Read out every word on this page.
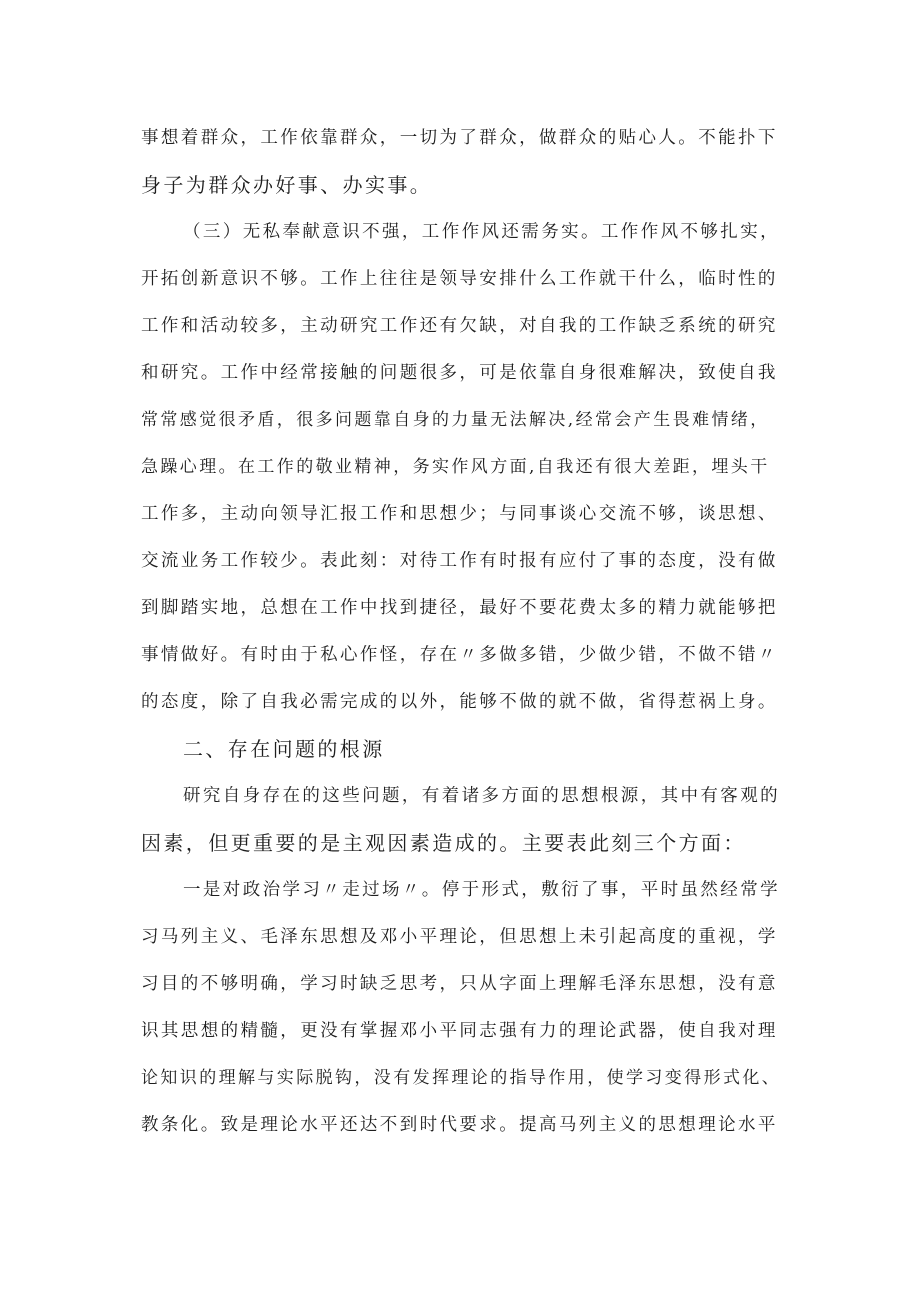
事想着群众，工作依靠群众，一切为了群众，做群众的贴心人。不能扑下
身子为群众办好事、办实事。
（三）无私奉献意识不强，工作作风还需务实。工作作风不够扎实，
开拓创新意识不够。工作上往往是领导安排什么工作就干什么，临时性的
工作和活动较多，主动研究工作还有欠缺，对自我的工作缺乏系统的研究
和研究。工作中经常接触的问题很多，可是依靠自身很难解决，致使自我
常常感觉很矛盾，很多问题靠自身的力量无法解决,经常会产生畏难情绪，
急躁心理。在工作的敬业精神，务实作风方面,自我还有很大差距，埋头干
工作多，主动向领导汇报工作和思想少；与同事谈心交流不够，谈思想、
交流业务工作较少。表此刻：对待工作有时报有应付了事的态度，没有做
到脚踏实地，总想在工作中找到捷径，最好不要花费太多的精力就能够把
事情做好。有时由于私心作怪，存在〃多做多错，少做少错，不做不错〃
的态度，除了自我必需完成的以外，能够不做的就不做，省得惹祸上身。
二、存在问题的根源
研究自身存在的这些问题，有着诸多方面的思想根源，其中有客观的
因素，但更重要的是主观因素造成的。主要表此刻三个方面：
一是对政治学习〃走过场〃。停于形式，敷衍了事，平时虽然经常学
习马列主义、毛泽东思想及邓小平理论，但思想上未引起高度的重视，学
习目的不够明确，学习时缺乏思考，只从字面上理解毛泽东思想，没有意
识其思想的精髓，更没有掌握邓小平同志强有力的理论武器，使自我对理
论知识的理解与实际脱钩，没有发挥理论的指导作用，使学习变得形式化、
教条化。致是理论水平还达不到时代要求。提高马列主义的思想理论水平
